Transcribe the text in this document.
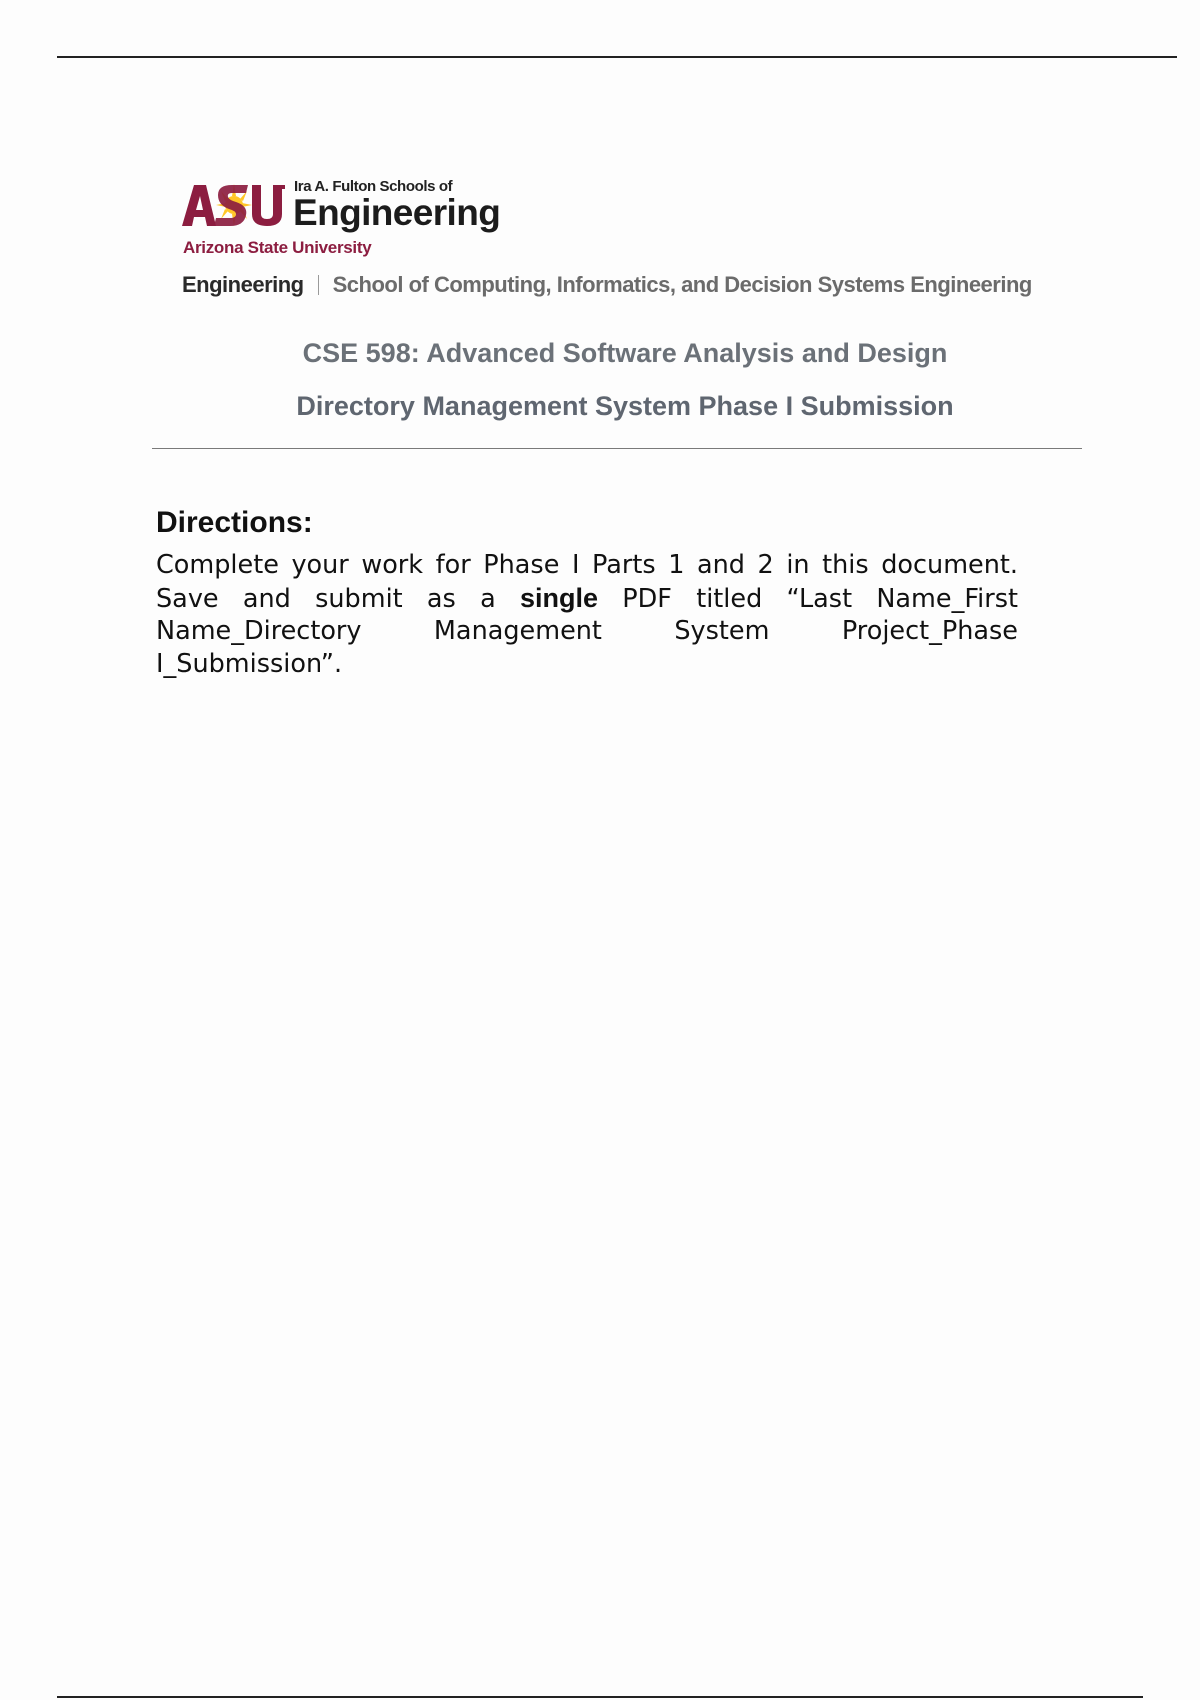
Ira A. Fulton Schools of
Engineering
Arizona State University
Engineering School of Computing, Informatics, and Decision Systems Engineering
CSE 598: Advanced Software Analysis and Design
Directory Management System Phase I Submission
Directions:
Complete your work for Phase I Parts 1 and 2 in this document. Save and submit as a single PDF titled “Last Name_First Name_Directory Management System Project_Phase I_Submission”.
